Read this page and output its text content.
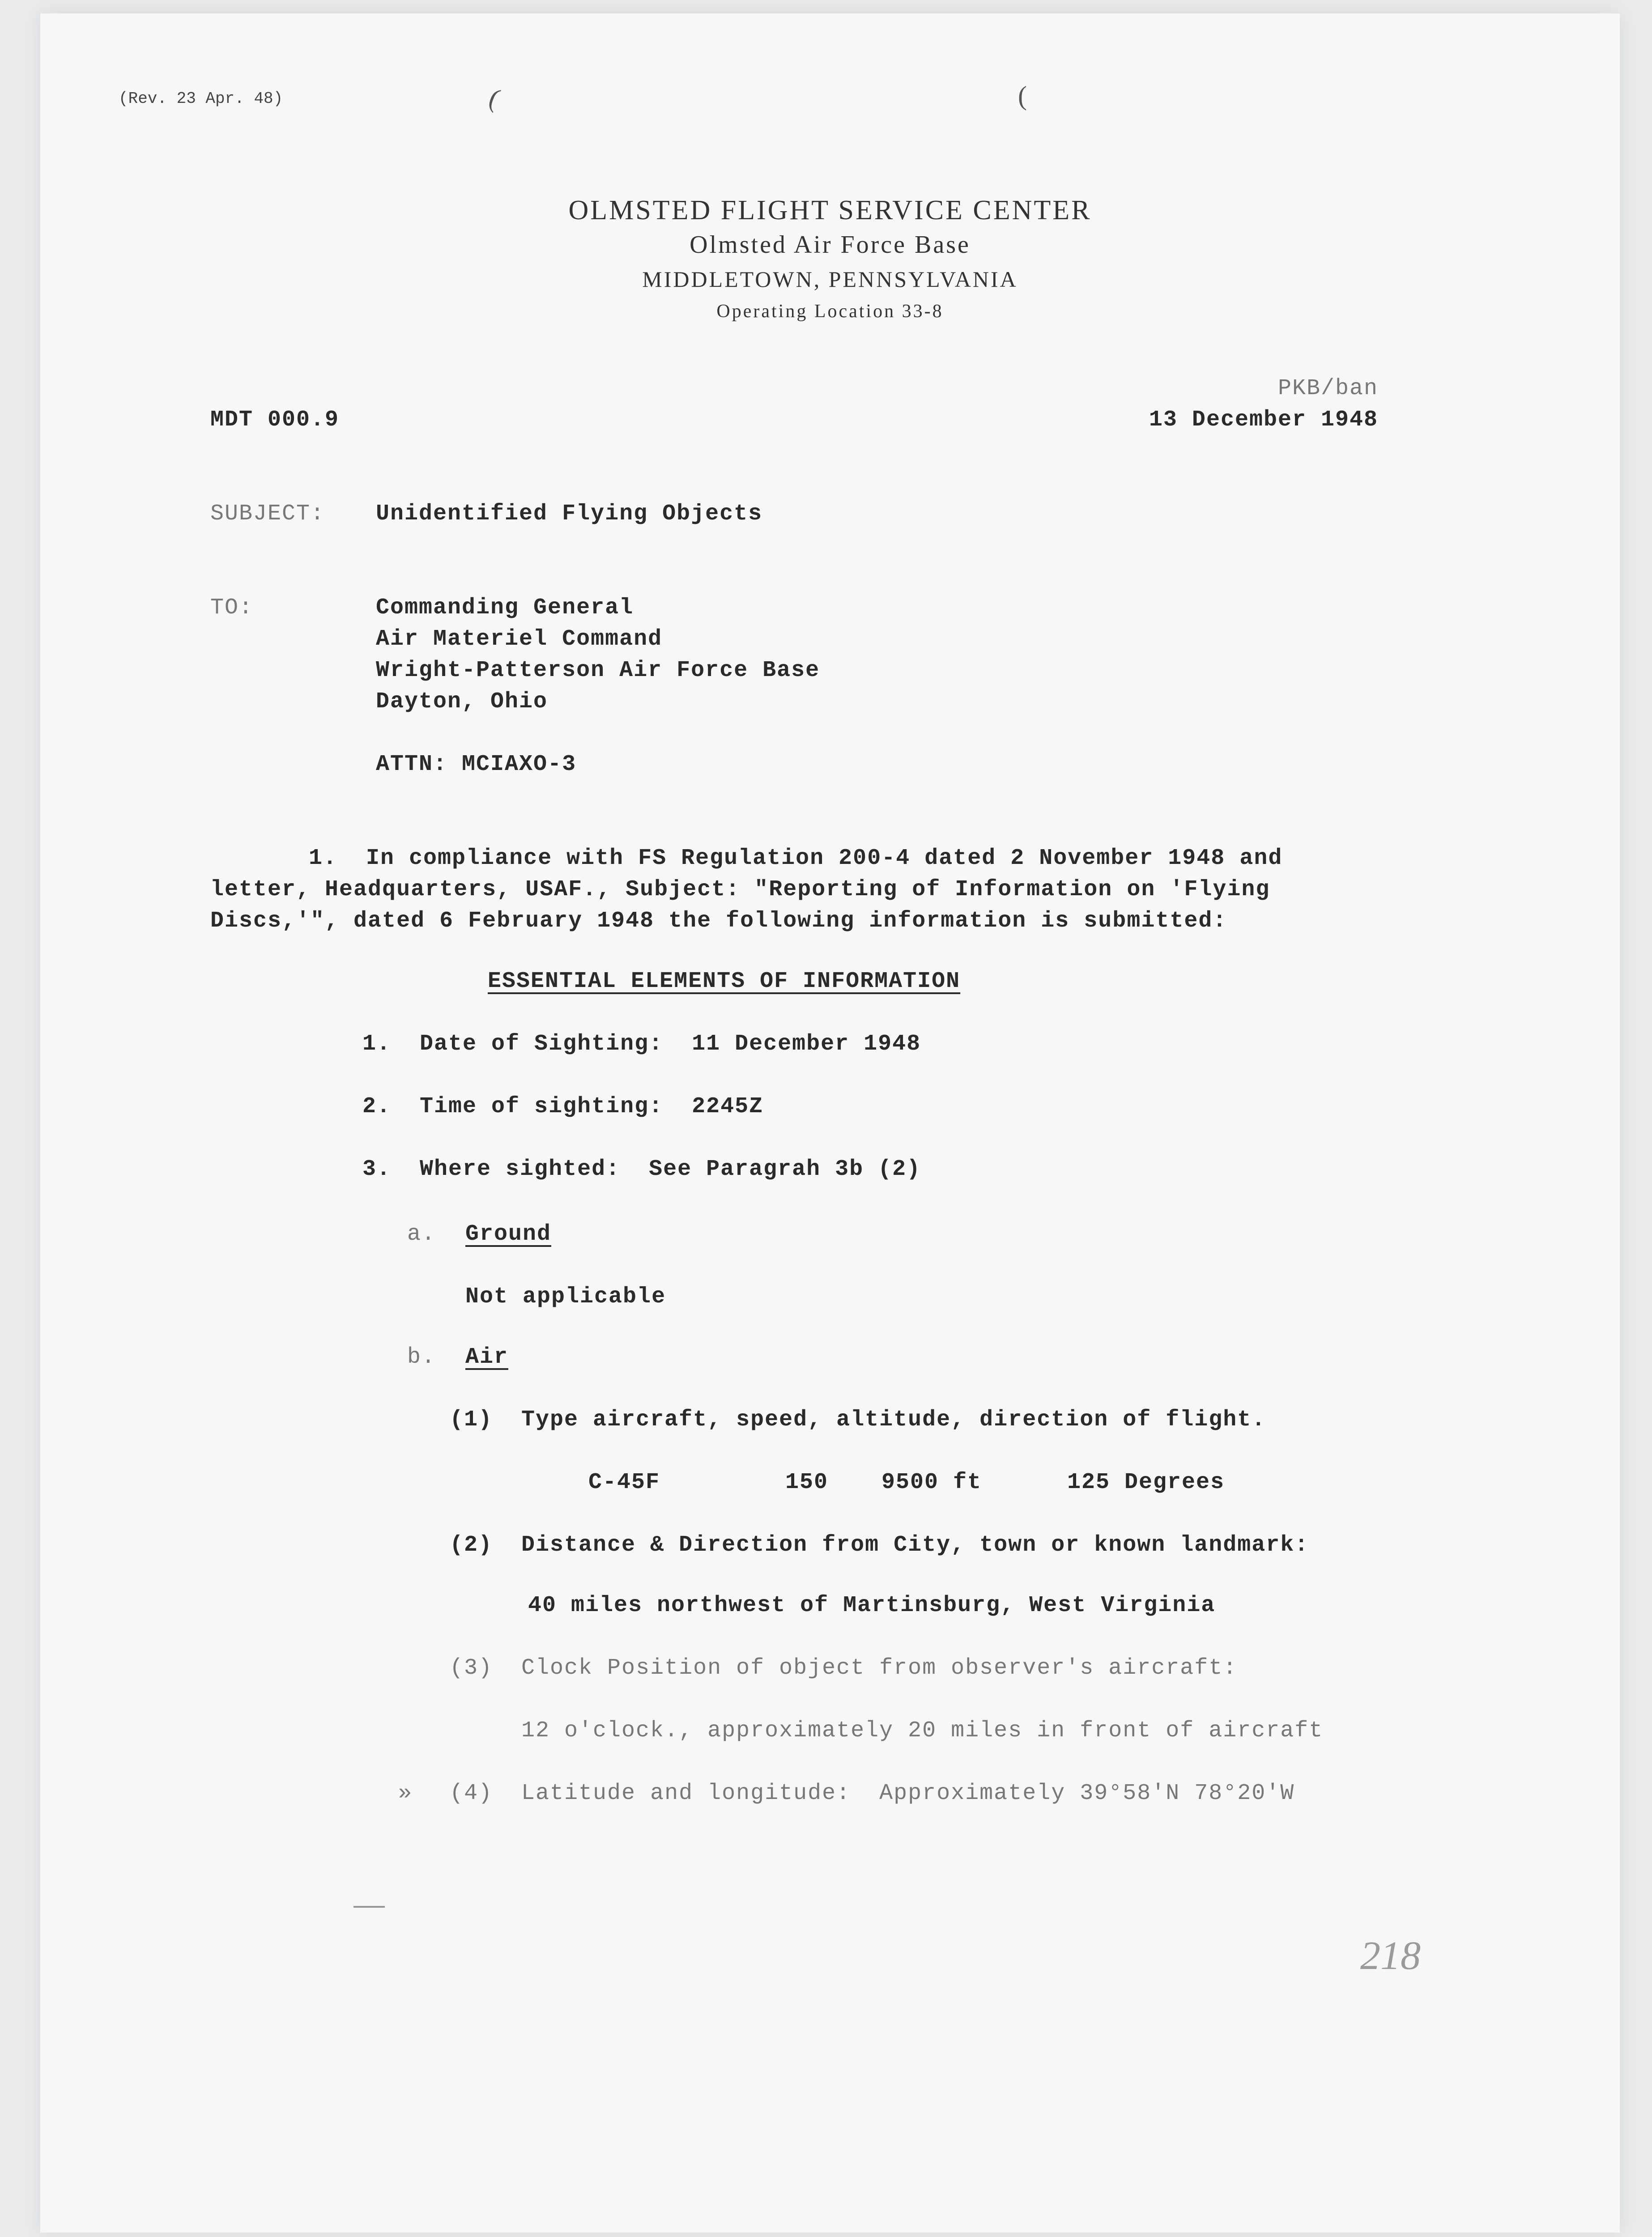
(Rev. 23 Apr. 48)	(	(
OLMSTED FLIGHT SERVICE CENTER
Olmsted Air Force Base
MIDDLETOWN, PENNSYLVANIA
Operating Location 33-8
PKB/ban
MDT 000.9	13 December 1948
SUBJECT: Unidentified Flying Objects
TO:	Commanding General
Air Materiel Command
Wright-Patterson Air Force Base
Dayton, Ohio
ATTN: MCIAXO-3
1.  In compliance with FS Regulation 200-4 dated 2 November 1948 and
letter, Headquarters, USAF., Subject: "Reporting of Information on 'Flying
Discs,'", dated 6 February 1948 the following information is submitted:
ESSENTIAL ELEMENTS OF INFORMATION
1.  Date of Sighting:  11 December 1948
2.  Time of sighting:  2245Z
3.  Where sighted:  See Paragrah 3b (2)
a. Ground
Not applicable
b. Air
(1)  Type aircraft, speed, altitude, direction of flight.
C-45F	150 9500 ft	125 Degrees
(2)  Distance & Direction from City, town or known landmark:
40 miles northwest of Martinsburg, West Virginia
(3)  Clock Position of object from observer's aircraft:
12 o'clock., approximately 20 miles in front of aircraft
» (4)  Latitude and longitude:  Approximately 39°58'N 78°20'W
218
